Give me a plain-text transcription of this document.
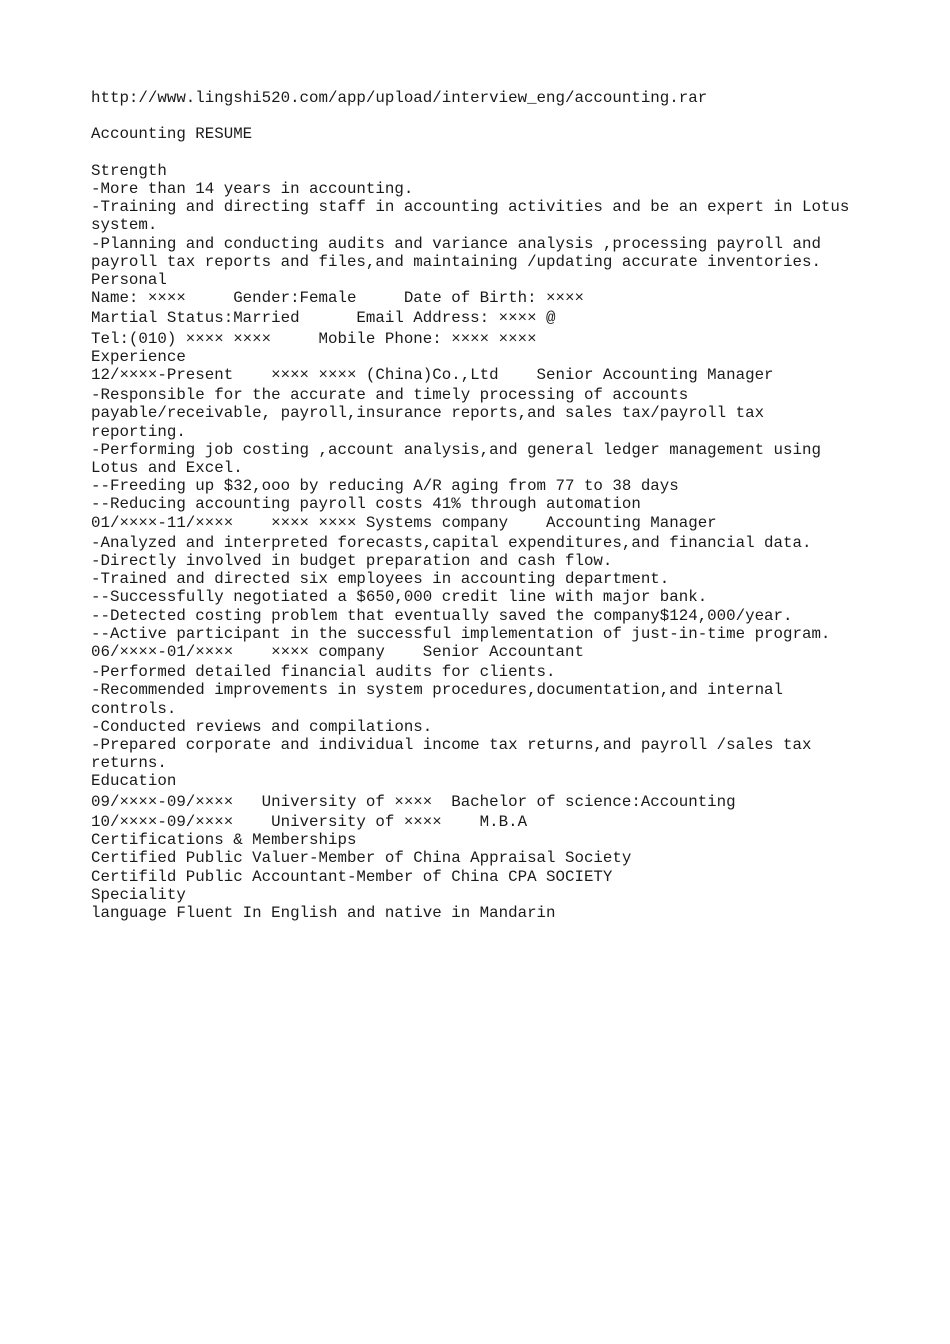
http://www.lingshi520.com/app/upload/interview_eng/accounting.rar
Accounting RESUME
Strength
-More than 14 years in accounting.
-Training and directing staff in accounting activities and be an expert in Lotus
system.
-Planning and conducting audits and variance analysis ,processing payroll and
payroll tax reports and files,and maintaining /updating accurate inventories.
Personal
Name: ××××     Gender:Female     Date of Birth: ××××
Martial Status:Married      Email Address: ×××× @
Tel:(010) ×××× ××××     Mobile Phone: ×××× ××××
Experience
12/××××-Present    ×××× ×××× (China)Co.,Ltd    Senior Accounting Manager
-Responsible for the accurate and timely processing of accounts
payable/receivable, payroll,insurance reports,and sales tax/payroll tax
reporting.
-Performing job costing ,account analysis,and general ledger management using
Lotus and Excel.
--Freeding up $32,ooo by reducing A/R aging from 77 to 38 days
--Reducing accounting payroll costs 41% through automation
01/××××-11/××××    ×××× ×××× Systems company    Accounting Manager
-Analyzed and interpreted forecasts,capital expenditures,and financial data.
-Directly involved in budget preparation and cash flow.
-Trained and directed six employees in accounting department.
--Successfully negotiated a $650,000 credit line with major bank.
--Detected costing problem that eventually saved the company$124,000/year.
--Active participant in the successful implementation of just-in-time program.
06/××××-01/××××    ×××× company    Senior Accountant
-Performed detailed financial audits for clients.
-Recommended improvements in system procedures,documentation,and internal
controls.
-Conducted reviews and compilations.
-Prepared corporate and individual income tax returns,and payroll /sales tax
returns.
Education
09/××××-09/××××   University of ××××  Bachelor of science:Accounting
10/××××-09/××××    University of ××××    M.B.A
Certifications & Memberships
Certified Public Valuer-Member of China Appraisal Society
Certifild Public Accountant-Member of China CPA SOCIETY
Speciality
language Fluent In English and native in Mandarin
